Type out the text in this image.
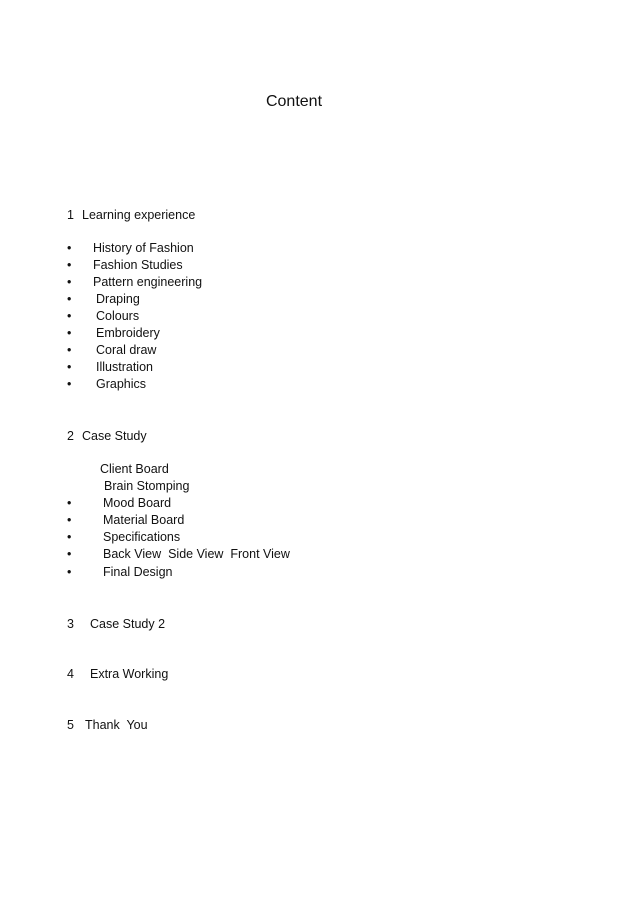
Content
1 Learning experience
• History of Fashion
• Fashion Studies
• Pattern engineering
• Draping
• Colours
• Embroidery
• Coral draw
• Illustration
• Graphics
2 Case Study
Client Board
Brain Stomping
•	Mood Board
•	Material Board
•	Specifications
•	Back View  Side View  Front View
•	Final Design
3 Case Study 2
4 Extra Working
5 Thank  You
